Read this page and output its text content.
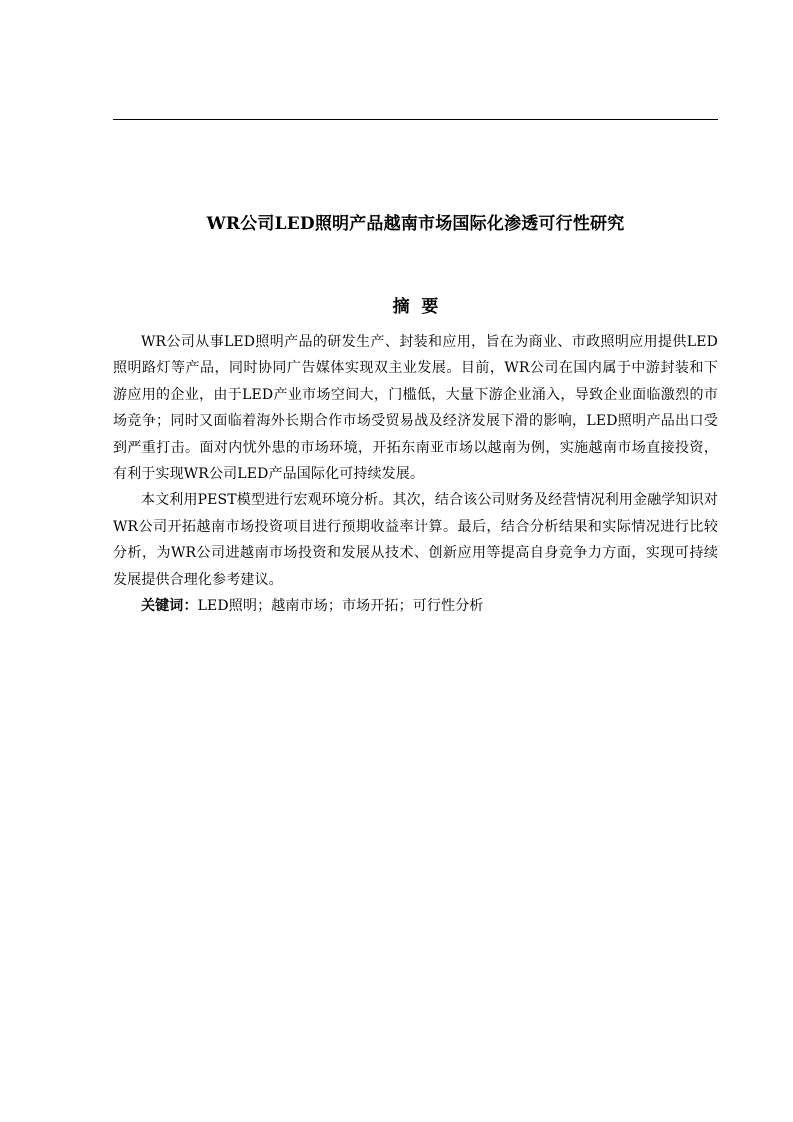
WR公司LED照明产品越南市场国际化渗透可行性研究
摘  要

WR公司从事LED照明产品的研发生产、封装和应用，旨在为商业、市政照明应用提供LED照明路灯等产品，同时协同广告媒体实现双主业发展。目前，WR公司在国内属于中游封装和下游应用的企业，由于LED产业市场空间大，门槛低，大量下游企业涌入，导致企业面临激烈的市场竞争；同时又面临着海外长期合作市场受贸易战及经济发展下滑的影响，LED照明产品出口受到严重打击。面对内忧外患的市场环境，开拓东南亚市场以越南为例，实施越南市场直接投资，有利于实现WR公司LED产品国际化可持续发展。

本文利用PEST模型进行宏观环境分析。其次，结合该公司财务及经营情况利用金融学知识对WR公司开拓越南市场投资项目进行预期收益率计算。最后，结合分析结果和实际情况进行比较分析，为WR公司进越南市场投资和发展从技术、创新应用等提高自身竞争力方面，实现可持续发展提供合理化参考建议。

关键词：LED照明；越南市场；市场开拓；可行性分析
